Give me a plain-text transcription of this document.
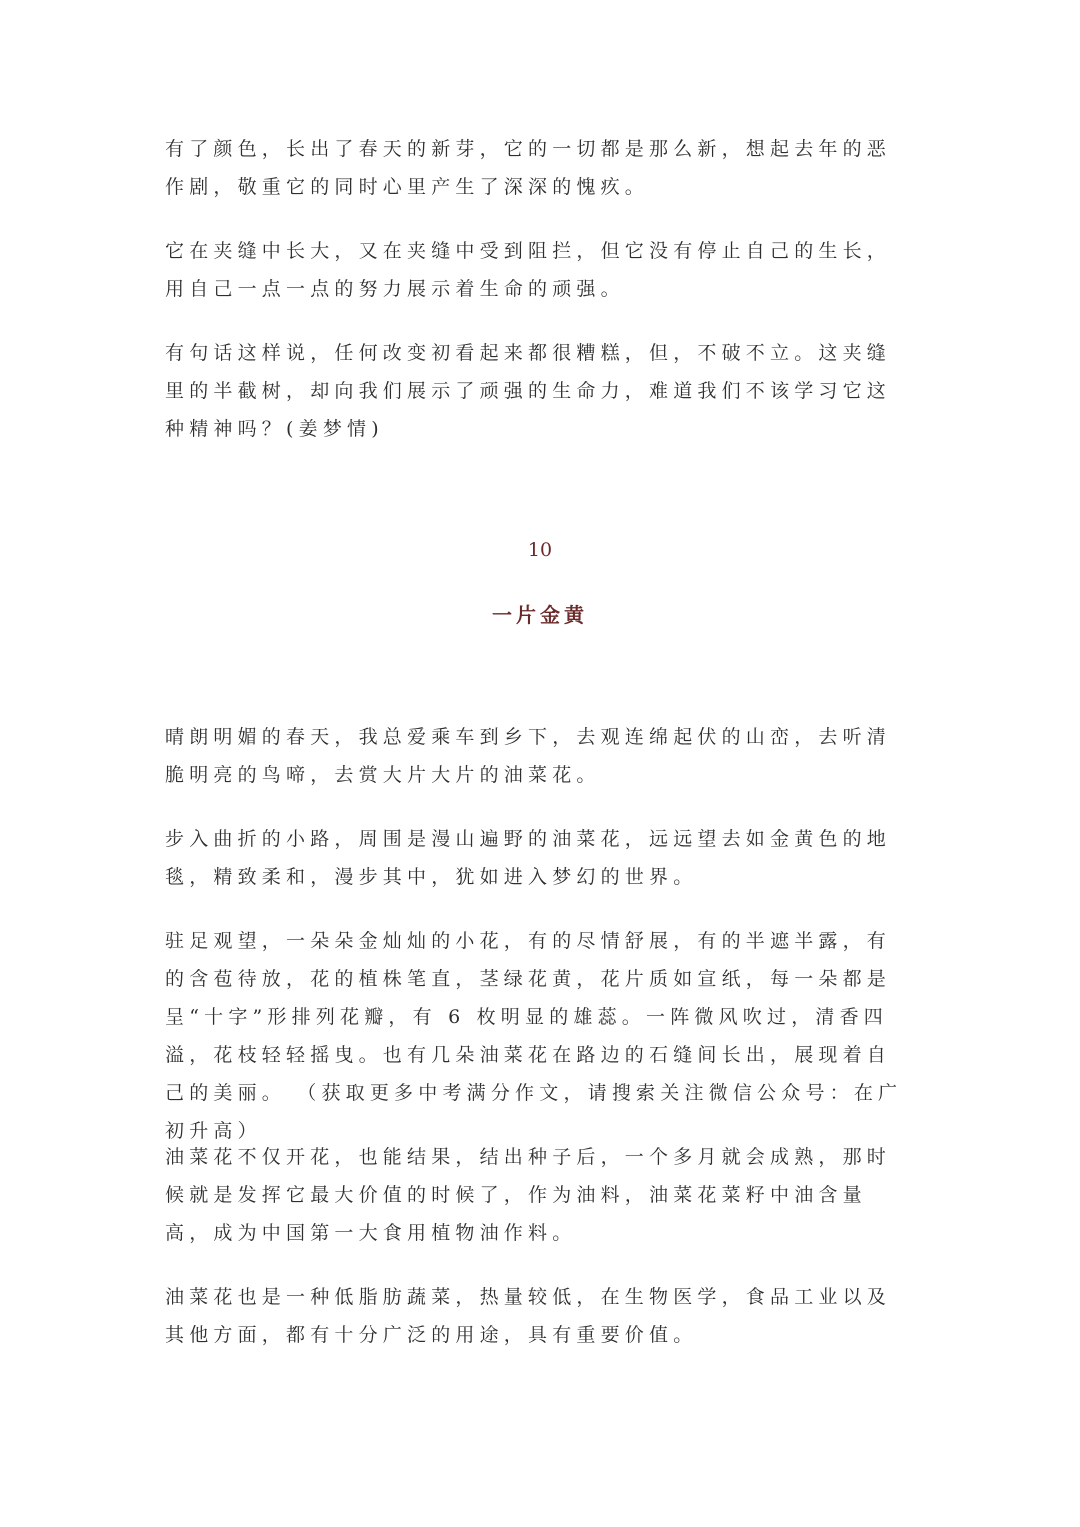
有了颜色，长出了春天的新芽，它的一切都是那么新，想起去年的恶作剧，敬重它的同时心里产生了深深的愧疚。

它在夹缝中长大，又在夹缝中受到阻拦，但它没有停止自己的生长，用自己一点一点的努力展示着生命的顽强。

有句话这样说，任何改变初看起来都很糟糕，但，不破不立。这夹缝里的半截树，却向我们展示了顽强的生命力，难道我们不该学习它这种精神吗？(姜梦情)

10
一片金黄

晴朗明媚的春天，我总爱乘车到乡下，去观连绵起伏的山峦，去听清脆明亮的鸟啼，去赏大片大片的油菜花。

步入曲折的小路，周围是漫山遍野的油菜花，远远望去如金黄色的地毯，精致柔和，漫步其中，犹如进入梦幻的世界。

驻足观望，一朵朵金灿灿的小花，有的尽情舒展，有的半遮半露，有的含苞待放，花的植株笔直，茎绿花黄，花片质如宣纸，每一朵都是呈“十字”形排列花瓣，有 6 枚明显的雄蕊。一阵微风吹过，清香四溢，花枝轻轻摇曳。也有几朵油菜花在路边的石缝间长出，展现着自己的美丽。 （获取更多中考满分作文，请搜索关注微信公众号：在广初升高）

油菜花不仅开花，也能结果，结出种子后，一个多月就会成熟，那时候就是发挥它最大价值的时候了，作为油料，油菜花菜籽中油含量高，成为中国第一大食用植物油作料。

油菜花也是一种低脂肪蔬菜，热量较低，在生物医学，食品工业以及其他方面，都有十分广泛的用途，具有重要价值。
